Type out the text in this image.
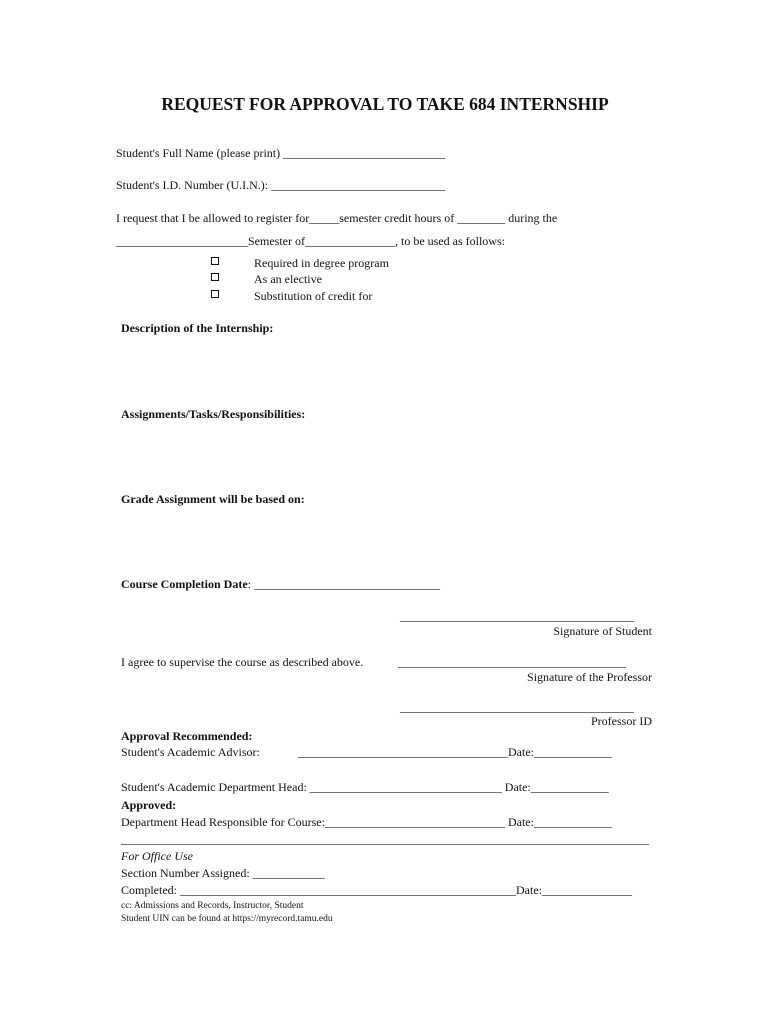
REQUEST FOR APPROVAL TO TAKE 684 INTERNSHIP
Student's Full Name (please print) ___________________________
Student's I.D. Number (U.I.N.): _____________________________
I request that I be allowed to register for_____semester credit hours of ________ during the
______________________Semester of_______________, to be used as follows:
Required in degree program
As an elective
Substitution of credit for
Description of the Internship:
Assignments/Tasks/Responsibilities:
Grade Assignment will be based on:
Course Completion Date: _______________________________
_______________________________________
Signature of Student
I agree to supervise the course as described above.	______________________________________
Signature of the Professor
_______________________________________
Professor ID
Approval Recommended:
Student's Academic Advisor:	___________________________________Date:_____________
Student's Academic Department Head: ________________________________ Date:_____________
Approved:
Department Head Responsible for Course:______________________________ Date:_____________
________________________________________________________________________________________
For Office Use
Section Number Assigned: ____________
Completed: ________________________________________________________Date:_______________
cc: Admissions and Records, Instructor, Student
Student UIN can be found at https://myrecord.tamu.edu
